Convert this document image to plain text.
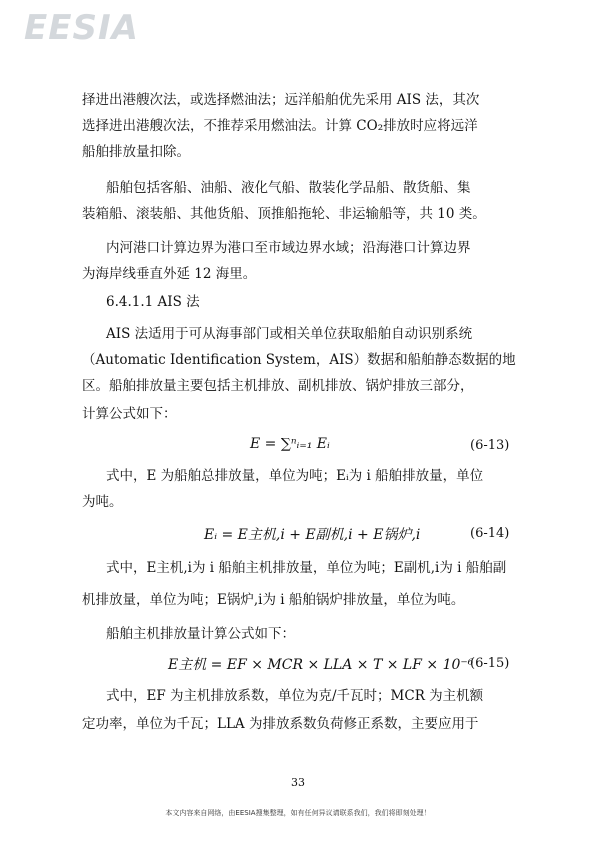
EESIA
择进出港艘次法，或选择燃油法；远洋船舶优先采用 AIS 法，其次
选择进出港艘次法，不推荐采用燃油法。计算 CO₂排放时应将远洋
船舶排放量扣除。
船舶包括客船、油船、液化气船、散装化学品船、散货船、集
装箱船、滚装船、其他货船、顶推船拖轮、非运输船等，共 10 类。
内河港口计算边界为港口至市域边界水域；沿海港口计算边界
为海岸线垂直外延 12 海里。
6.4.1.1 AIS 法
AIS 法适用于可从海事部门或相关单位获取船舶自动识别系统
（Automatic Identification System，AIS）数据和船舶静态数据的地
区。船舶排放量主要包括主机排放、副机排放、锅炉排放三部分，
计算公式如下：
E = ∑ⁿᵢ₌₁ Eᵢ	(6-13)
式中，E 为船舶总排放量，单位为吨；Eᵢ为 i 船舶排放量，单位
为吨。
Eᵢ = E主机,i + E副机,i + E锅炉,i	(6-14)
式中，E主机,i为 i 船舶主机排放量，单位为吨；E副机,i为 i 船舶副
机排放量，单位为吨；E锅炉,i为 i 船舶锅炉排放量，单位为吨。
船舶主机排放量计算公式如下：
E主机 = EF × MCR × LLA × T × LF × 10⁻⁶
(6-15)
式中，EF 为主机排放系数，单位为克/千瓦时；MCR 为主机额
定功率，单位为千瓦；LLA 为排放系数负荷修正系数，主要应用于
33
本文内容来自网络，由EESIA搜集整理，如有任何异议请联系我们，我们将即刻处理！
